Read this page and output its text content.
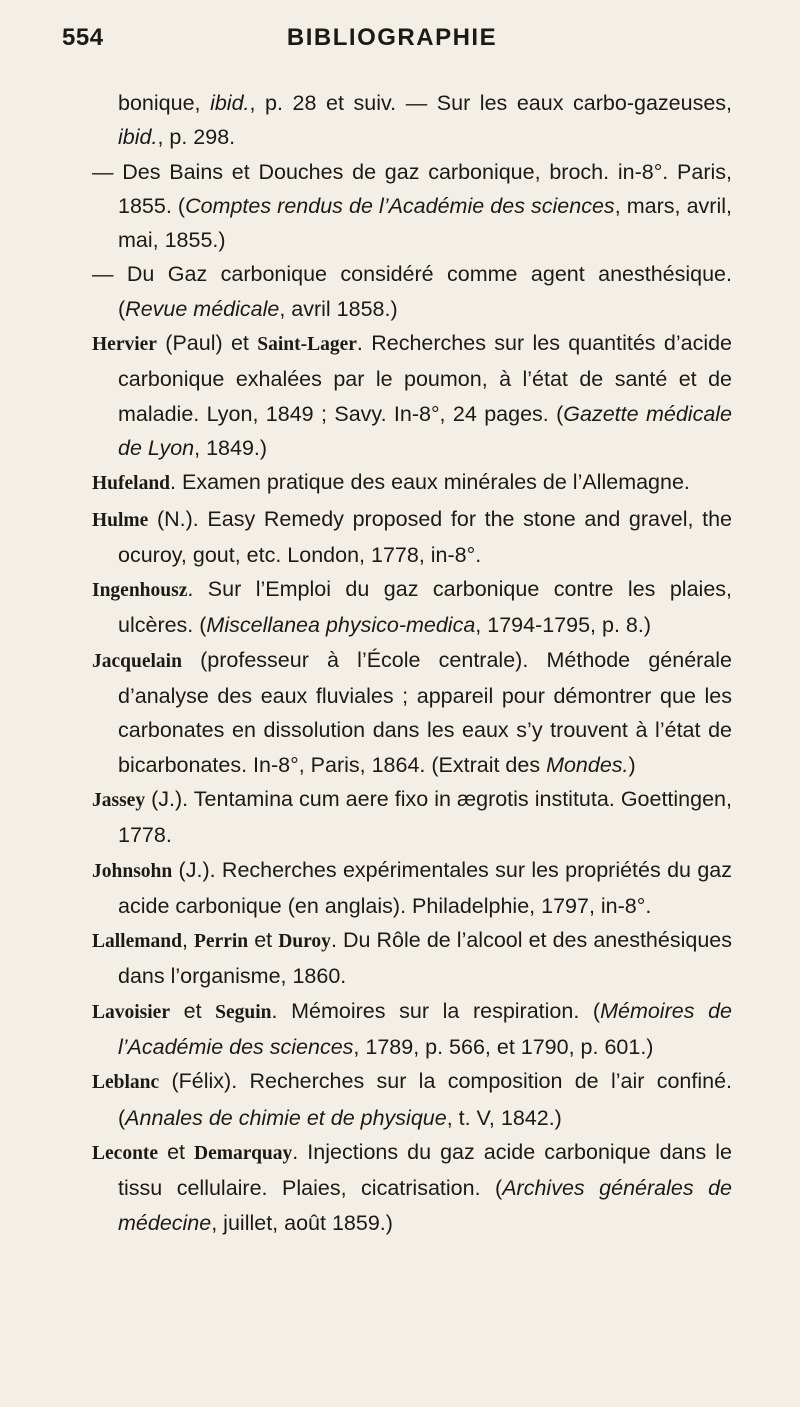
554	BIBLIOGRAPHIE

bonique, ibid., p. 28 et suiv. — Sur les eaux carbo-gazeuses, ibid., p. 298.

— Des Bains et Douches de gaz carbonique, broch. in-8°. Paris, 1855. (Comptes rendus de l’Académie des sciences, mars, avril, mai, 1855.)

— Du Gaz carbonique considéré comme agent anesthésique. (Revue médicale, avril 1858.)

Hervier (Paul) et Saint-Lager. Recherches sur les quantités d’acide carbonique exhalées par le poumon, à l’état de santé et de maladie. Lyon, 1849 ; Savy. In-8°, 24 pages. (Gazette médicale de Lyon, 1849.)

Hufeland. Examen pratique des eaux minérales de l’Allemagne.

Hulme (N.). Easy Remedy proposed for the stone and gravel, the ocuroy, gout, etc. London, 1778, in-8°.

Ingenhousz. Sur l’Emploi du gaz carbonique contre les plaies, ulcères. (Miscellanea physico-medica, 1794-1795, p. 8.)

Jacquelain (professeur à l’École centrale). Méthode générale d’analyse des eaux fluviales ; appareil pour démontrer que les carbonates en dissolution dans les eaux s’y trouvent à l’état de bicarbonates. In-8°, Paris, 1864. (Extrait des Mondes.)

Jassey (J.). Tentamina cum aere fixo in ægrotis instituta. Goettingen, 1778.

Johnsohn (J.). Recherches expérimentales sur les propriétés du gaz acide carbonique (en anglais). Philadelphie, 1797, in-8°.

Lallemand, Perrin et Duroy. Du Rôle de l’alcool et des anesthésiques dans l’organisme, 1860.

Lavoisier et Seguin. Mémoires sur la respiration. (Mémoires de l’Académie des sciences, 1789, p. 566, et 1790, p. 601.)

Leblanc (Félix). Recherches sur la composition de l’air confiné. (Annales de chimie et de physique, t. V, 1842.)

Leconte et Demarquay. Injections du gaz acide carbonique dans le tissu cellulaire. Plaies, cicatrisation. (Archives générales de médecine, juillet, août 1859.)
